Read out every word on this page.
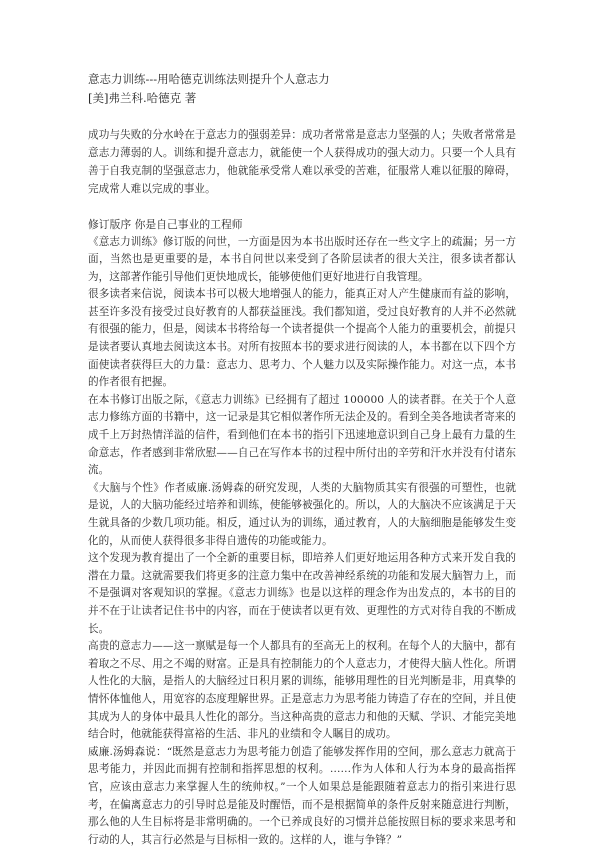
意志力训练---用哈德克训练法则提升个人意志力
[美]弗兰科.哈德克 著
成功与失败的分水岭在于意志力的强弱差异：成功者常常是意志力坚强的人；失败者常常是意志力薄弱的人。训练和提升意志力，就能使一个人获得成功的强大动力。只要一个人具有善于自我克制的坚强意志力，他就能承受常人难以承受的苦难，征服常人难以征服的障碍，完成常人难以完成的事业。
修订版序 你是自己事业的工程师

《意志力训练》修订版的问世，一方面是因为本书出版时还存在一些文字上的疏漏；另一方面，当然也是更重要的是，本书自问世以来受到了各阶层读者的很大关注，很多读者都认为，这部著作能引导他们更快地成长，能够使他们更好地进行自我管理。

很多读者来信说，阅读本书可以极大地增强人的能力，能真正对人产生健康而有益的影响，甚至许多没有接受过良好教育的人都获益匪浅。我们都知道，受过良好教育的人并不必然就有很强的能力，但是，阅读本书将给每一个读者提供一个提高个人能力的重要机会，前提只是读者要认真地去阅读这本书。对所有按照本书的要求进行阅读的人，本书都在以下四个方面使读者获得巨大的力量：意志力、思考力、个人魅力以及实际操作能力。对这一点，本书的作者很有把握。

在本书修订出版之际，《意志力训练》已经拥有了超过 100000 人的读者群。在关于个人意志力修练方面的书籍中，这一记录是其它相似著作所无法企及的。看到全美各地读者寄来的成千上万封热情洋溢的信件，看到他们在本书的指引下迅速地意识到自己身上最有力量的生命意志，作者感到非常欣慰——自己在写作本书的过程中所付出的辛劳和汗水并没有付诸东流。

《大脑与个性》作者威廉.汤姆森的研究发现，人类的大脑物质其实有很强的可塑性，也就是说，人的大脑功能经过培养和训练，使能够被强化的。所以，人的大脑决不应该满足于天生就具备的少数几项功能。相反，通过认为的训练，通过教育，人的大脑细胞是能够发生变化的，从而使人获得很多非得自遗传的功能或能力。

这个发现为教育提出了一个全新的重要目标，即培养人们更好地运用各种方式来开发自我的潜在力量。这就需要我们将更多的注意力集中在改善神经系统的功能和发展大脑智力上，而不是强调对客观知识的掌握。《意志力训练》也是以这样的理念作为出发点的，本书的目的并不在于让读者记住书中的内容，而在于使读者以更有效、更理性的方式对待自我的不断成长。

高贵的意志力——这一禀赋是每一个人都具有的至高无上的权利。在每个人的大脑中，都有着取之不尽、用之不竭的财富。正是具有控制能力的个人意志力，才使得大脑人性化。所谓人性化的大脑，是指人的大脑经过日积月累的训练，能够用理性的目光判断是非，用真挚的情怀体恤他人，用宽容的态度理解世界。正是意志力为思考能力铸造了存在的空间，并且使其成为人的身体中最具人性化的部分。当这种高贵的意志力和他的天赋、学识、才能完美地结合时，他就能获得富裕的生活、非凡的业绩和令人瞩目的成功。

威廉.汤姆森说：“既然是意志力为思考能力创造了能够发挥作用的空间，那么意志力就高于思考能力，并因此而拥有控制和指挥思想的权利。……作为人体和人行为本身的最高指挥官，应该由意志力来掌握人生的统帅权。”一个人如果总是能跟随着意志力的指引来进行思考，在偏离意志力的引导时总是能及时醒悟，而不是根据简单的条件反射来随意进行判断，那么他的人生目标将是非常明确的。一个已养成良好的习惯并总能按照目标的要求来思考和行动的人，其言行必然是与目标相一致的。这样的人，谁与争锋？”
